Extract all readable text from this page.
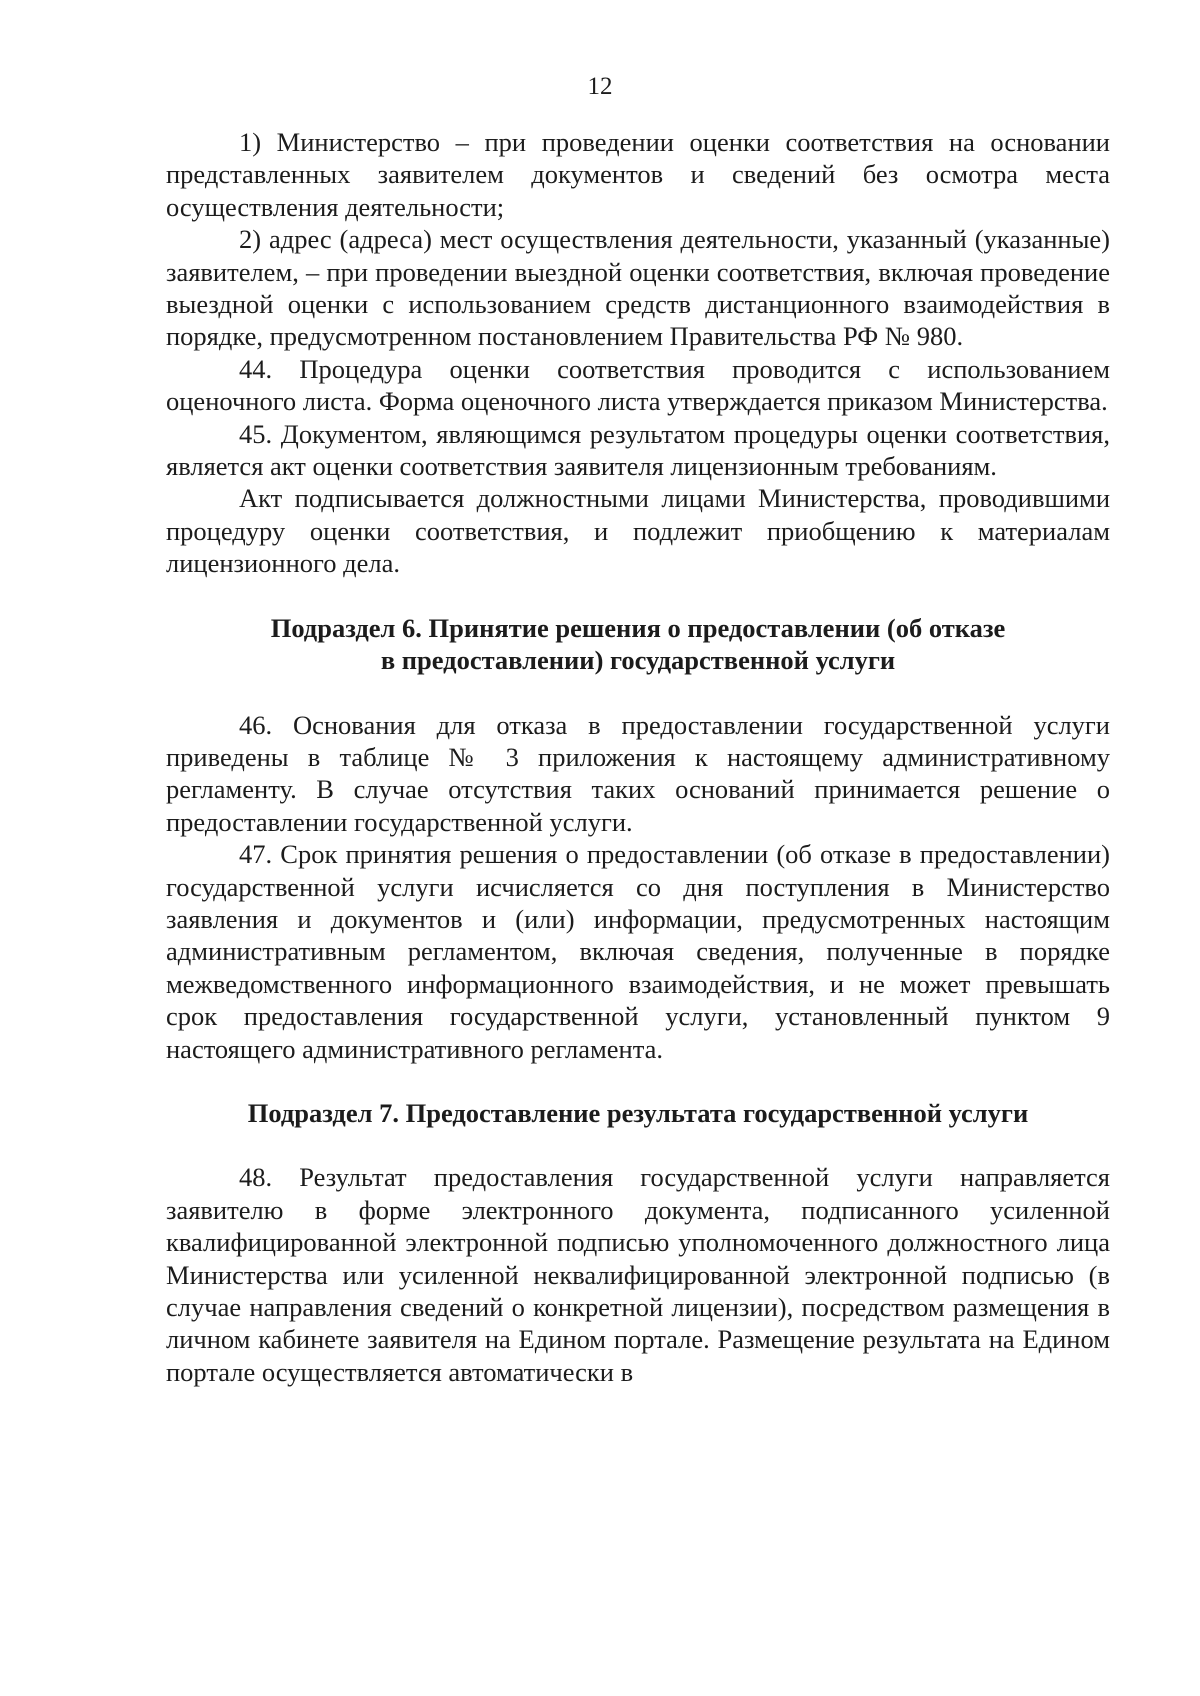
12

1) Министерство – при проведении оценки соответствия на основании представленных заявителем документов и сведений без осмотра места осуществления деятельности;

2) адрес (адреса) мест осуществления деятельности, указанный (указанные) заявителем, – при проведении выездной оценки соответствия, включая проведение выездной оценки с использованием средств дистанционного взаимодействия в порядке, предусмотренном постановлением Правительства РФ № 980.

44. Процедура оценки соответствия проводится с использованием оценочного листа. Форма оценочного листа утверждается приказом Министерства.

45. Документом, являющимся результатом процедуры оценки соответствия, является акт оценки соответствия заявителя лицензионным требованиям.

Акт подписывается должностными лицами Министерства, проводившими процедуру оценки соответствия, и подлежит приобщению к материалам лицензионного дела.

Подраздел 6. Принятие решения о предоставлении (об отказе
в предоставлении) государственной услуги

46. Основания для отказа в предоставлении государственной услуги приведены в таблице № 3 приложения к настоящему административному регламенту. В случае отсутствия таких оснований принимается решение о предоставлении государственной услуги.

47. Срок принятия решения о предоставлении (об отказе в предоставлении) государственной услуги исчисляется со дня поступления в Министерство заявления и документов и (или) информации, предусмотренных настоящим административным регламентом, включая сведения, полученные в порядке межведомственного информационного взаимодействия, и не может превышать срок предоставления государственной услуги, установленный пунктом 9 настоящего административного регламента.

Подраздел 7. Предоставление результата государственной услуги

48. Результат предоставления государственной услуги направляется заявителю в форме электронного документа, подписанного усиленной квалифицированной электронной подписью уполномоченного должностного лица Министерства или усиленной неквалифицированной электронной подписью (в случае направления сведений о конкретной лицензии), посредством размещения в личном кабинете заявителя на Едином портале. Размещение результата на Едином портале осуществляется автоматически в
